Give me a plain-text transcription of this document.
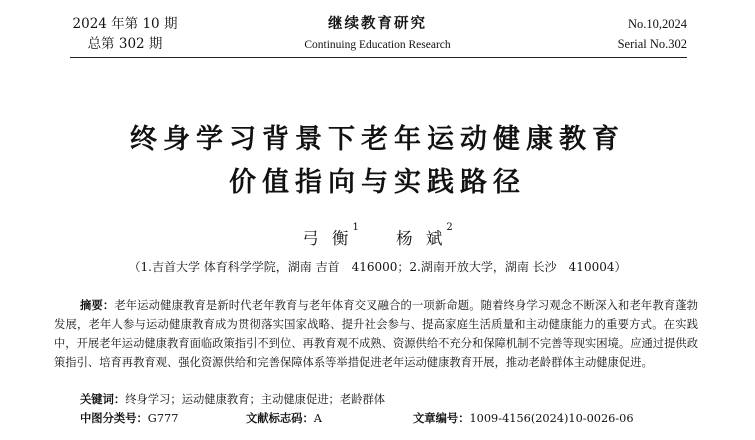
2024 年第 10 期
总第 302 期
继续教育研究
Continuing Education Research
No.10,2024
Serial No.302
终身学习背景下老年运动健康教育
价值指向与实践路径
弓 衡$^1$ 杨 斌$^2$
（1.吉首大学 体育科学学院，湖南 吉首　416000；2.湖南开放大学，湖南 长沙　410004）
摘要：老年运动健康教育是新时代老年教育与老年体育交叉融合的一项新命题。随着终身学习观念不断深入和老年教育蓬勃发展，老年人参与运动健康教育成为贯彻落实国家战略、提升社会参与、提高家庭生活质量和主动健康能力的重要方式。在实践中，开展老年运动健康教育面临政策指引不到位、再教育观不成熟、资源供给不充分和保障机制不完善等现实困境。应通过提供政策指引、培育再教育观、强化资源供给和完善保障体系等举措促进老年运动健康教育开展，推动老龄群体主动健康促进。
关键词：终身学习；运动健康教育；主动健康促进；老龄群体
中图分类号：G777	文献标志码：A	文章编号：1009-4156(2024)10-0026-06
